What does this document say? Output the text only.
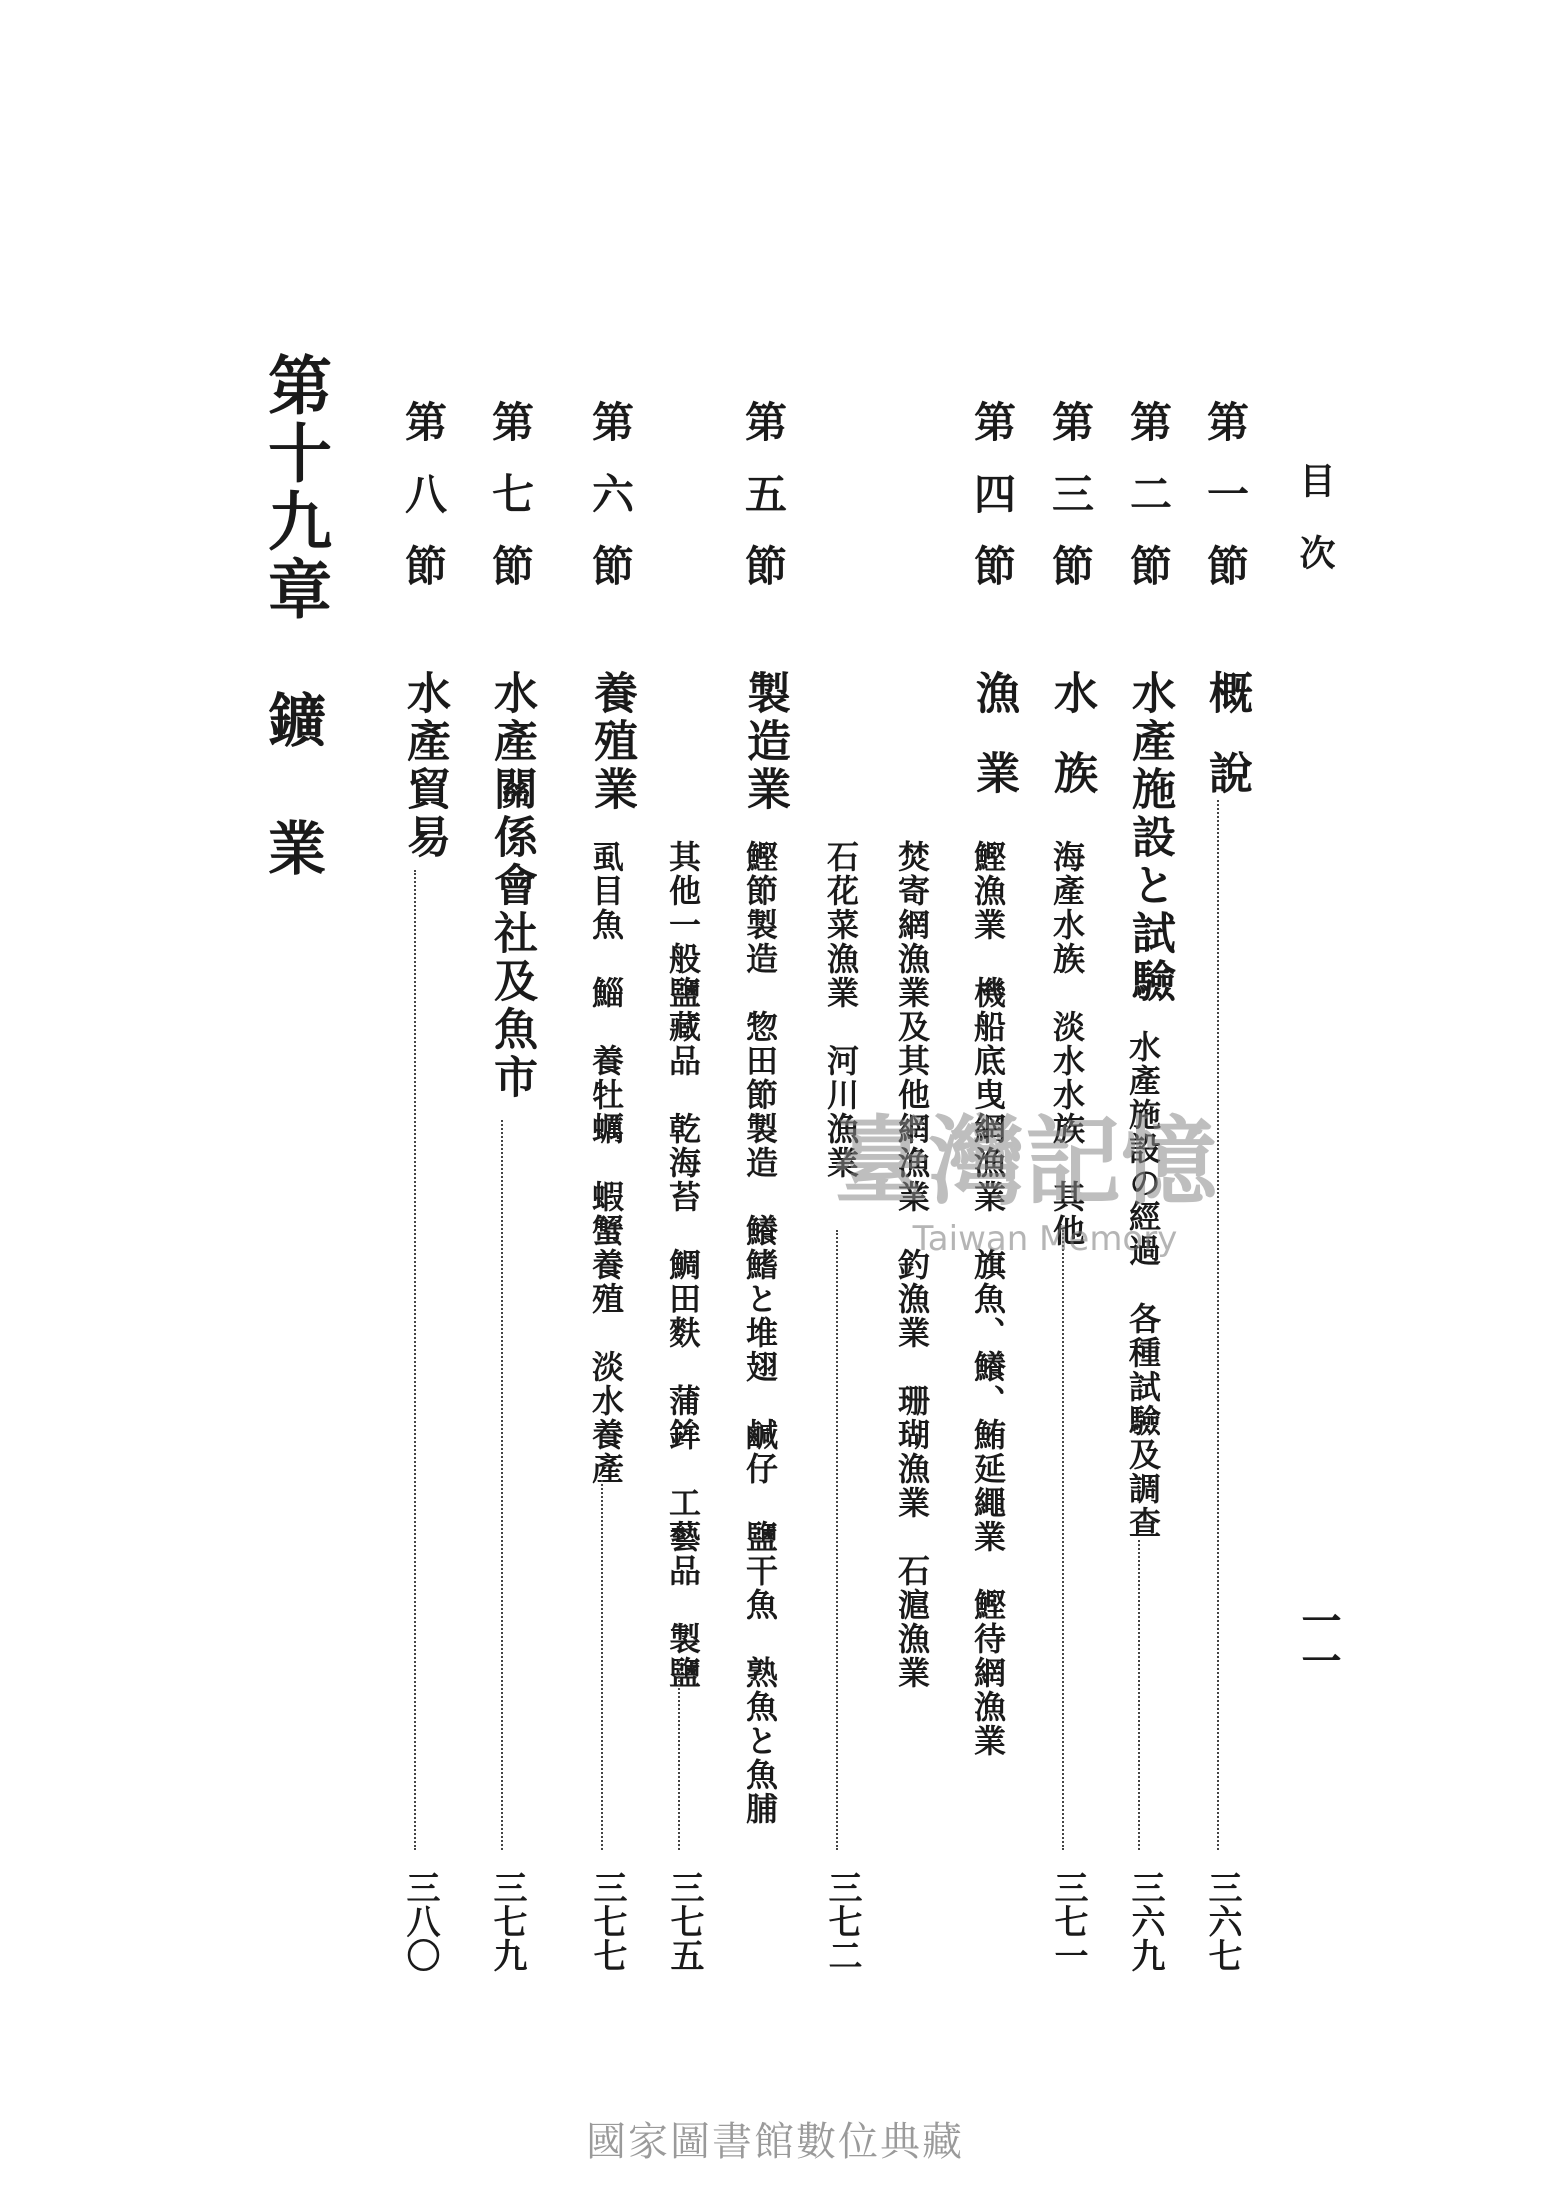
目次
一一
第一節
概說
三六七
第二節
水產施設と試驗
水產施設の經過　各種試驗及調查
三六九
第三節
水族
海產水族　淡水水族　其他
三七一
第四節
漁業
鰹漁業　機船底曳網漁業　旗魚、鱶、鮪延繩業　鰹待網漁業
焚寄網漁業及其他網漁業　釣漁業　珊瑚漁業　石滬漁業
石花菜漁業　河川漁業
三七二
第五節
製造業
鰹節製造　惣田節製造　鱶鰭と堆翅　鹹仔　鹽干魚　熟魚と魚脯
其他一般鹽藏品　乾海苔　鯛田麩　蒲鉾　工藝品　製鹽
三七五
第六節
養殖業
虱目魚　鯔　養牡蠣　蝦蟹養殖　淡水養產
三七七
第七節
水產關係會社及魚市
三七九
第八節
水產貿易
三八〇
第十九章
鑛業
臺灣記憶
Taiwan Memory
國家圖書館數位典藏
